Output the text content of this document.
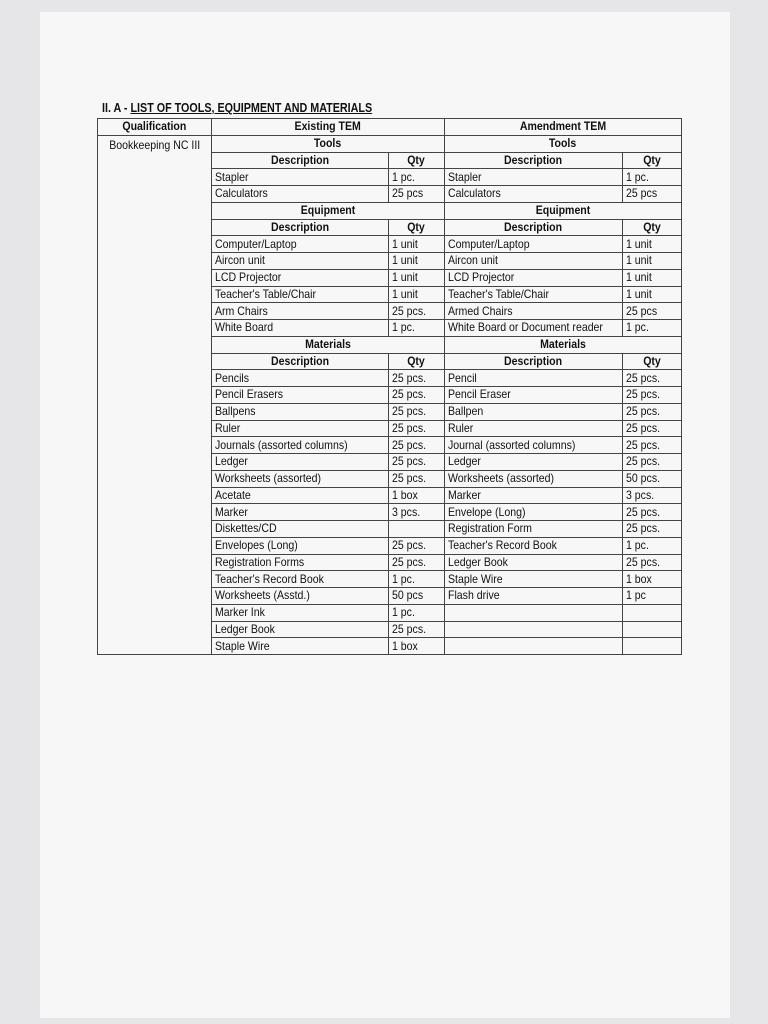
II. A - LIST OF TOOLS, EQUIPMENT AND MATERIALS
Qualification	Existing TEM		Amendment TEM	
Bookkeeping NC III	Tools		Tools	
	Description	Qty	Description	Qty
	Stapler	1 pc.	Stapler	1 pc.
	Calculators	25 pcs	Calculators	25 pcs
	Equipment		Equipment	
	Description	Qty	Description	Qty
	Computer/Laptop	1 unit	Computer/Laptop	1 unit
	Aircon unit	1 unit	Aircon unit	1 unit
	LCD Projector	1 unit	LCD Projector	1 unit
	Teacher's Table/Chair	1 unit	Teacher's Table/Chair	1 unit
	Arm Chairs	25 pcs.	Armed Chairs	25 pcs
	White Board	1 pc.	White Board or Document reader	1 pc.
	Materials		Materials	
	Description	Qty	Description	Qty
	Pencils	25 pcs.	Pencil	25 pcs.
	Pencil Erasers	25 pcs.	Pencil Eraser	25 pcs.
	Ballpens	25 pcs.	Ballpen	25 pcs.
	Ruler	25 pcs.	Ruler	25 pcs.
	Journals (assorted columns)	25 pcs.	Journal (assorted columns)	25 pcs.
	Ledger	25 pcs.	Ledger	25 pcs.
	Worksheets (assorted)	25 pcs.	Worksheets (assorted)	50 pcs.
	Acetate	1 box	Marker	3 pcs.
	Marker	3 pcs.	Envelope (Long)	25 pcs.
	Diskettes/CD		Registration Form	25 pcs.
	Envelopes (Long)	25 pcs.	Teacher's Record Book	1 pc.
	Registration Forms	25 pcs.	Ledger Book	25 pcs.
	Teacher's Record Book	1 pc.	Staple Wire	1 box
	Worksheets (Asstd.)	50 pcs	Flash drive	1 pc
	Marker Ink	1 pc.		
	Ledger Book	25 pcs.		
	Staple Wire	1 box		
